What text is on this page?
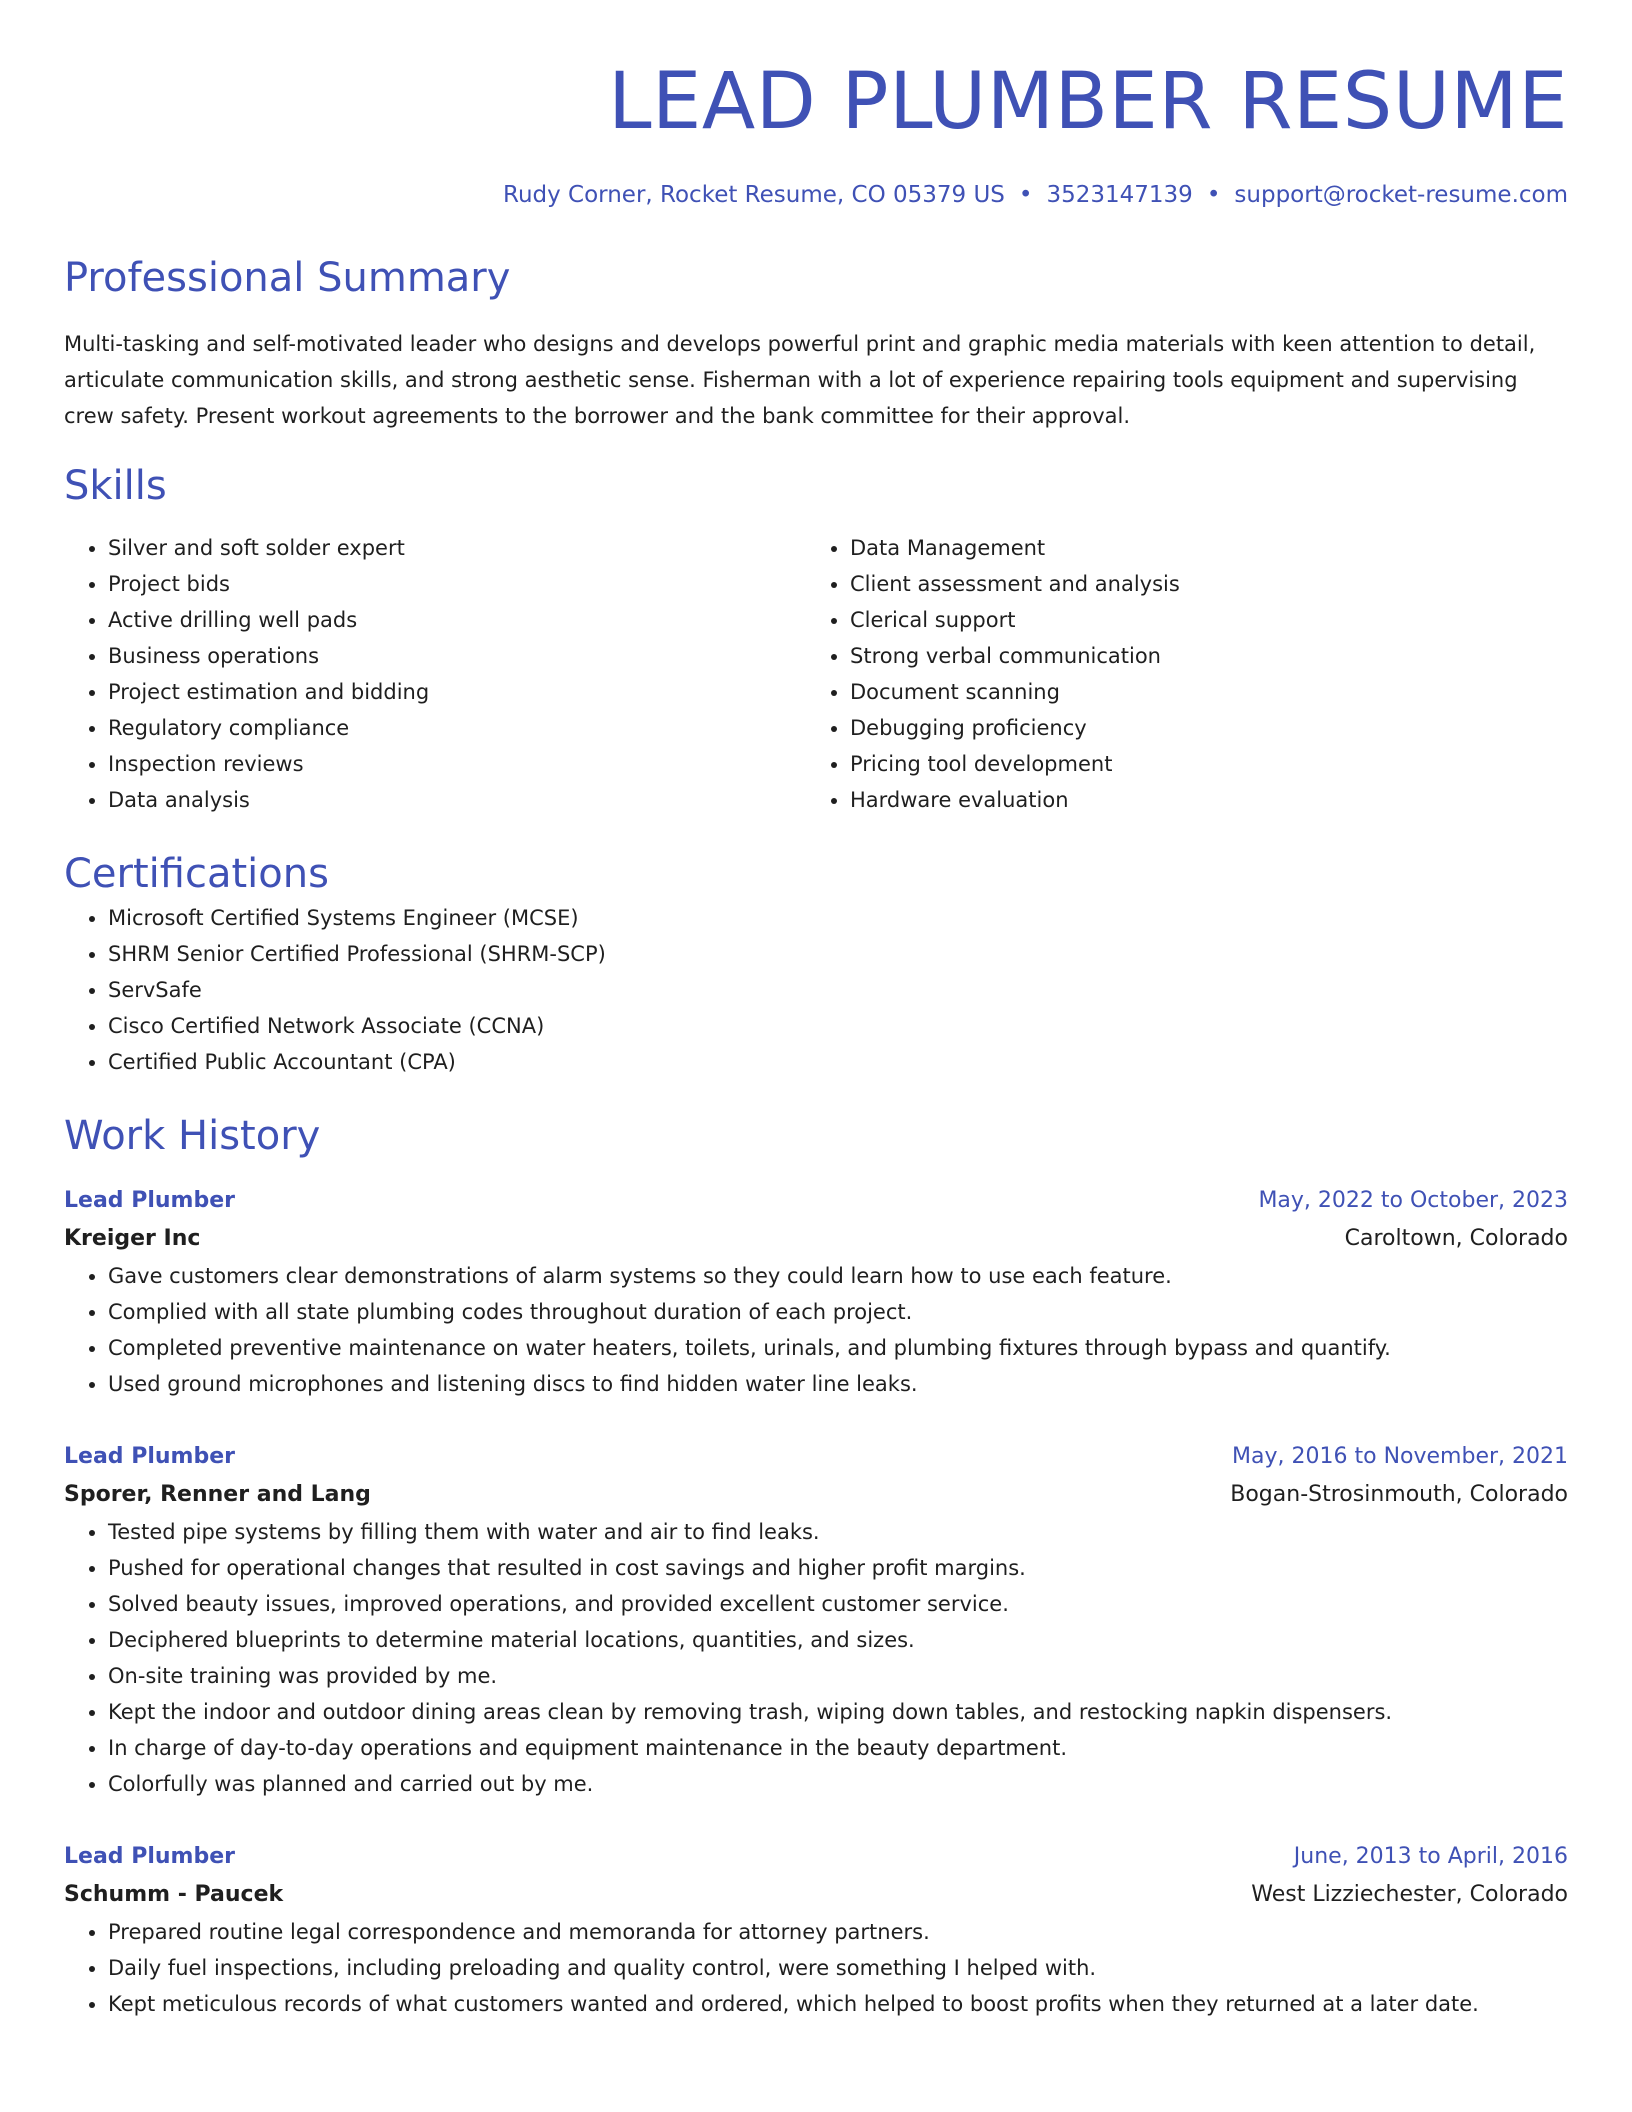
LEAD PLUMBER RESUME
Rudy Corner, Rocket Resume, CO 05379 US • 3523147139 • support@rocket-resume.com
Professional Summary
Multi-tasking and self-motivated leader who designs and develops powerful print and graphic media materials with keen attention to detail, articulate communication skills, and strong aesthetic sense. Fisherman with a lot of experience repairing tools equipment and supervising crew safety. Present workout agreements to the borrower and the bank committee for their approval.
Skills
• Silver and soft solder expert
• Project bids
• Active drilling well pads
• Business operations
• Project estimation and bidding
• Regulatory compliance
• Inspection reviews
• Data analysis
• Data Management
• Client assessment and analysis
• Clerical support
• Strong verbal communication
• Document scanning
• Debugging proficiency
• Pricing tool development
• Hardware evaluation
Certifications
• Microsoft Certified Systems Engineer (MCSE)
• SHRM Senior Certified Professional (SHRM-SCP)
• ServSafe
• Cisco Certified Network Associate (CCNA)
• Certified Public Accountant (CPA)
Work History
Lead Plumber	May, 2022 to October, 2023
Kreiger Inc	Caroltown, Colorado
• Gave customers clear demonstrations of alarm systems so they could learn how to use each feature.
• Complied with all state plumbing codes throughout duration of each project.
• Completed preventive maintenance on water heaters, toilets, urinals, and plumbing fixtures through bypass and quantify.
• Used ground microphones and listening discs to find hidden water line leaks.
Lead Plumber	May, 2016 to November, 2021
Sporer, Renner and Lang	Bogan-Strosinmouth, Colorado
• Tested pipe systems by filling them with water and air to find leaks.
• Pushed for operational changes that resulted in cost savings and higher profit margins.
• Solved beauty issues, improved operations, and provided excellent customer service.
• Deciphered blueprints to determine material locations, quantities, and sizes.
• On-site training was provided by me.
• Kept the indoor and outdoor dining areas clean by removing trash, wiping down tables, and restocking napkin dispensers.
• In charge of day-to-day operations and equipment maintenance in the beauty department.
• Colorfully was planned and carried out by me.
Lead Plumber	June, 2013 to April, 2016
Schumm - Paucek	West Lizziechester, Colorado
• Prepared routine legal correspondence and memoranda for attorney partners.
• Daily fuel inspections, including preloading and quality control, were something I helped with.
• Kept meticulous records of what customers wanted and ordered, which helped to boost profits when they returned at a later date.
